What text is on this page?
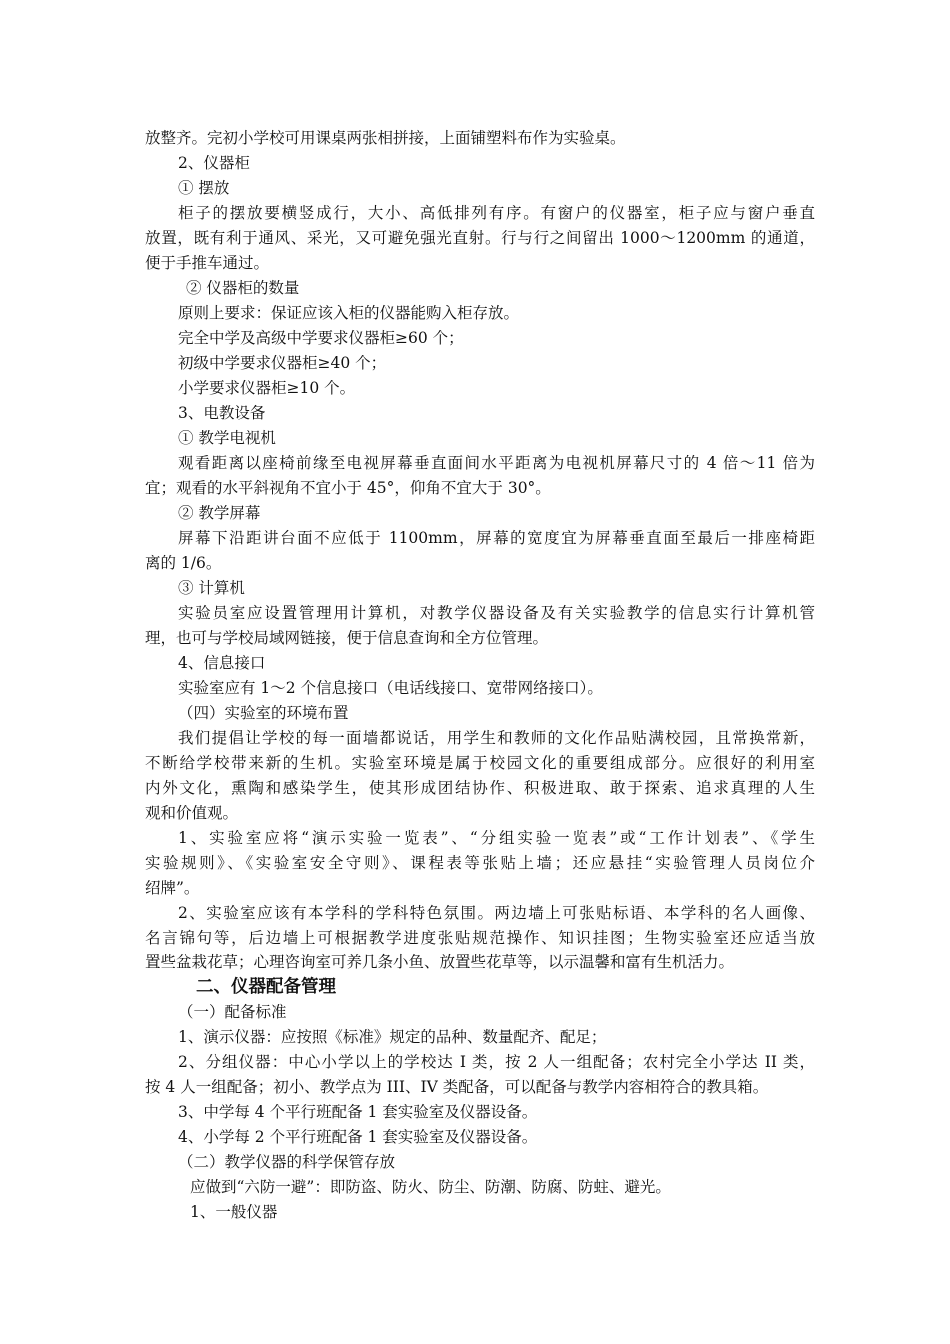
放整齐。完初小学校可用课桌两张相拼接，上面铺塑料布作为实验桌。
2、仪器柜
① 摆放
柜子的摆放要横竖成行，大小、高低排列有序。有窗户的仪器室，柜子应与窗户垂直
放置，既有利于通风、采光，又可避免强光直射。行与行之间留出 1000～1200mm 的通道，
便于手推车通过。
② 仪器柜的数量
原则上要求：保证应该入柜的仪器能购入柜存放。
完全中学及高级中学要求仪器柜≥60 个；
初级中学要求仪器柜≥40 个；
小学要求仪器柜≥10 个。
3、电教设备
① 教学电视机
观看距离以座椅前缘至电视屏幕垂直面间水平距离为电视机屏幕尺寸的 4 倍～11 倍为
宜；观看的水平斜视角不宜小于 45°，仰角不宜大于 30°。
② 教学屏幕
屏幕下沿距讲台面不应低于 1100mm，屏幕的宽度宜为屏幕垂直面至最后一排座椅距
离的 1/6。
③ 计算机
实验员室应设置管理用计算机，对教学仪器设备及有关实验教学的信息实行计算机管
理，也可与学校局域网链接，便于信息查询和全方位管理。
4、信息接口
实验室应有 1～2 个信息接口（电话线接口、宽带网络接口）。
（四）实验室的环境布置
我们提倡让学校的每一面墙都说话，用学生和教师的文化作品贴满校园，且常换常新，
不断给学校带来新的生机。实验室环境是属于校园文化的重要组成部分。应很好的利用室
内外文化，熏陶和感染学生，使其形成团结协作、积极进取、敢于探索、追求真理的人生
观和价值观。
1、实验室应将“演示实验一览表”、“分组实验一览表”或“工作计划表”、《学生
实验规则》、《实验室安全守则》、课程表等张贴上墙；还应悬挂“实验管理人员岗位介
绍牌”。
2、实验室应该有本学科的学科特色氛围。两边墙上可张贴标语、本学科的名人画像、
名言锦句等，后边墙上可根据教学进度张贴规范操作、知识挂图；生物实验室还应适当放
置些盆栽花草；心理咨询室可养几条小鱼、放置些花草等，以示温馨和富有生机活力。
二、仪器配备管理
（一）配备标准
1、演示仪器：应按照《标准》规定的品种、数量配齐、配足；
2、分组仪器：中心小学以上的学校达 I 类，按 2 人一组配备；农村完全小学达 II 类，
按 4 人一组配备；初小、教学点为 III、IV 类配备，可以配备与教学内容相符合的教具箱。
3、中学每 4 个平行班配备 1 套实验室及仪器设备。
4、小学每 2 个平行班配备 1 套实验室及仪器设备。
（二）教学仪器的科学保管存放
应做到“六防一避”：即防盗、防火、防尘、防潮、防腐、防蛀、避光。
1、一般仪器
